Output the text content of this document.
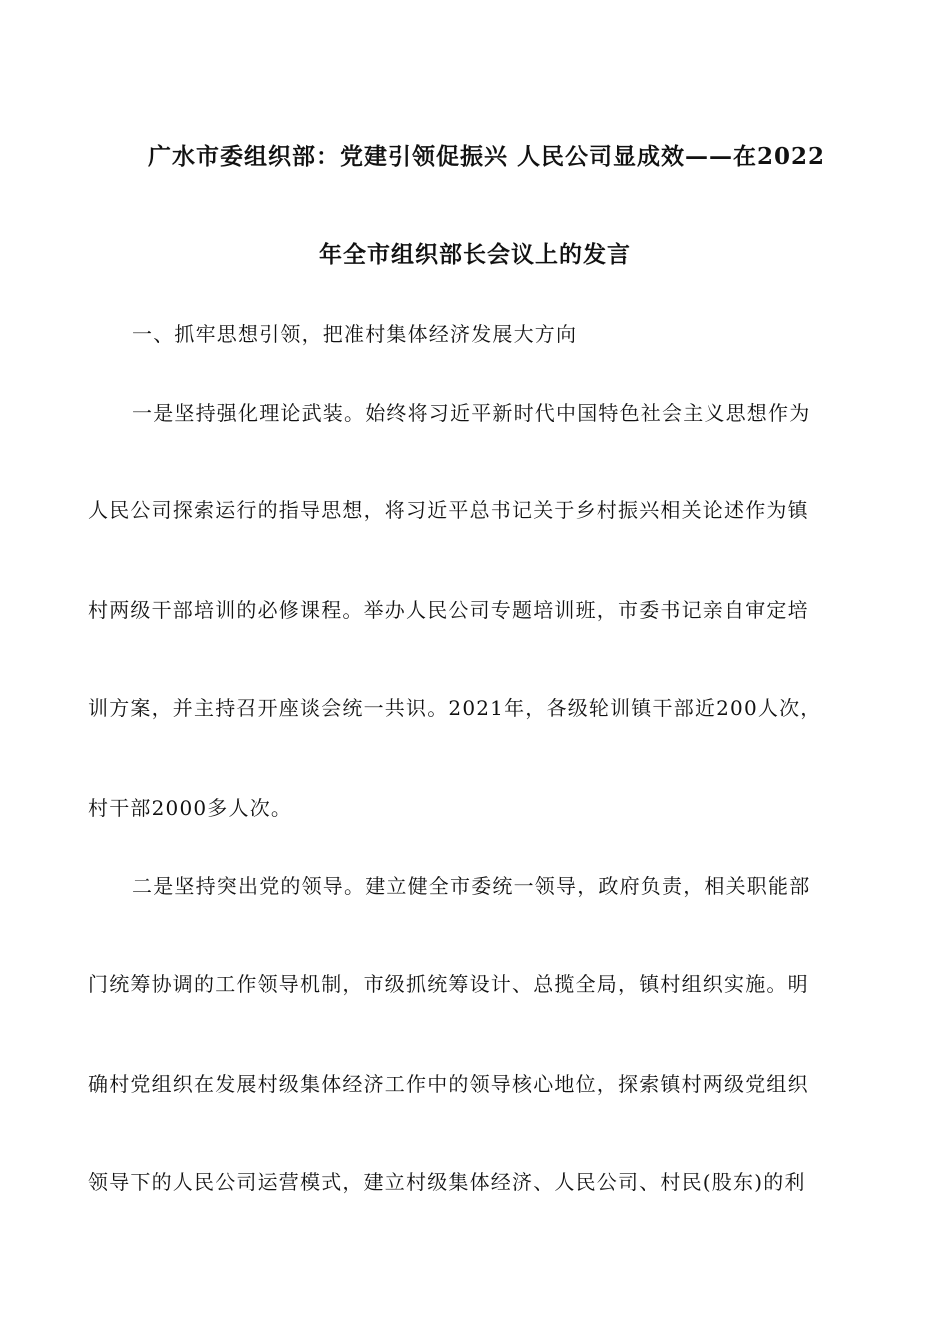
广水市委组织部：党建引领促振兴 人民公司显成效——在2022
年全市组织部长会议上的发言
一、抓牢思想引领，把准村集体经济发展大方向
一是坚持强化理论武装。始终将习近平新时代中国特色社会主义思想作为
人民公司探索运行的指导思想，将习近平总书记关于乡村振兴相关论述作为镇
村两级干部培训的必修课程。举办人民公司专题培训班，市委书记亲自审定培
训方案，并主持召开座谈会统一共识。2021年，各级轮训镇干部近200人次，
村干部2000多人次。
二是坚持突出党的领导。建立健全市委统一领导，政府负责，相关职能部
门统筹协调的工作领导机制，市级抓统筹设计、总揽全局，镇村组织实施。明
确村党组织在发展村级集体经济工作中的领导核心地位，探索镇村两级党组织
领导下的人民公司运营模式，建立村级集体经济、人民公司、村民(股东)的利
